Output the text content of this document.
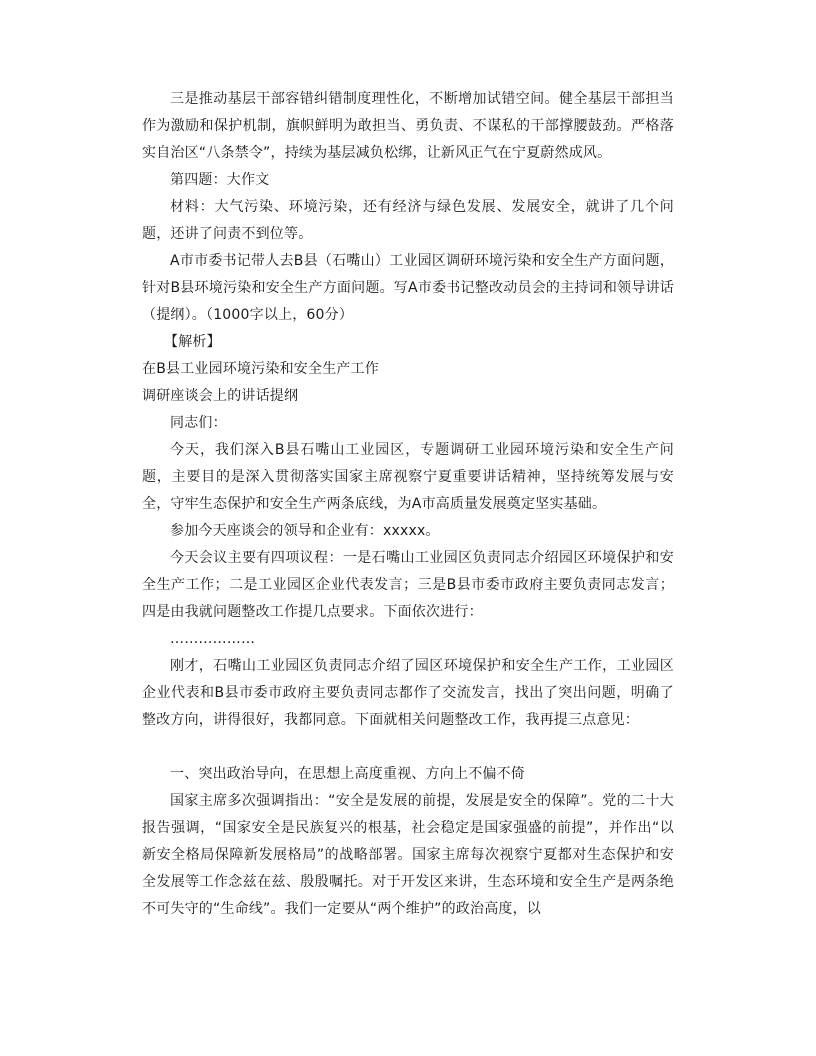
三是推动基层干部容错纠错制度理性化，不断增加试错空间。健全基层干部担当作为激励和保护机制，旗帜鲜明为敢担当、勇负责、不谋私的干部撑腰鼓劲。严格落实自治区“八条禁令”，持续为基层减负松绑，让新风正气在宁夏蔚然成风。

第四题：大作文

材料：大气污染、环境污染，还有经济与绿色发展、发展安全，就讲了几个问题，还讲了问责不到位等。

A市市委书记带人去B县（石嘴山）工业园区调研环境污染和安全生产方面问题，针对B县环境污染和安全生产方面问题。写A市委书记整改动员会的主持词和领导讲话（提纲）。（1000字以上，60分）

【解析】

在B县工业园环境污染和安全生产工作

调研座谈会上的讲话提纲

同志们：

今天，我们深入B县石嘴山工业园区，专题调研工业园环境污染和安全生产问题，主要目的是深入贯彻落实国家主席视察宁夏重要讲话精神，坚持统筹发展与安全，守牢生态保护和安全生产两条底线，为A市高质量发展奠定坚实基础。

参加今天座谈会的领导和企业有：xxxxx。

今天会议主要有四项议程：一是石嘴山工业园区负责同志介绍园区环境保护和安全生产工作；二是工业园区企业代表发言；三是B县市委市政府主要负责同志发言；四是由我就问题整改工作提几点要求。下面依次进行：

………………

刚才，石嘴山工业园区负责同志介绍了园区环境保护和安全生产工作，工业园区企业代表和B县市委市政府主要负责同志都作了交流发言，找出了突出问题，明确了整改方向，讲得很好，我都同意。下面就相关问题整改工作，我再提三点意见：

一、突出政治导向，在思想上高度重视、方向上不偏不倚

国家主席多次强调指出：“安全是发展的前提，发展是安全的保障”。党的二十大报告强调，“国家安全是民族复兴的根基，社会稳定是国家强盛的前提”，并作出“以新安全格局保障新发展格局”的战略部署。国家主席每次视察宁夏都对生态保护和安全发展等工作念兹在兹、殷殷嘱托。对于开发区来讲，生态环境和安全生产是两条绝不可失守的“生命线”。我们一定要从“两个维护”的政治高度，以
